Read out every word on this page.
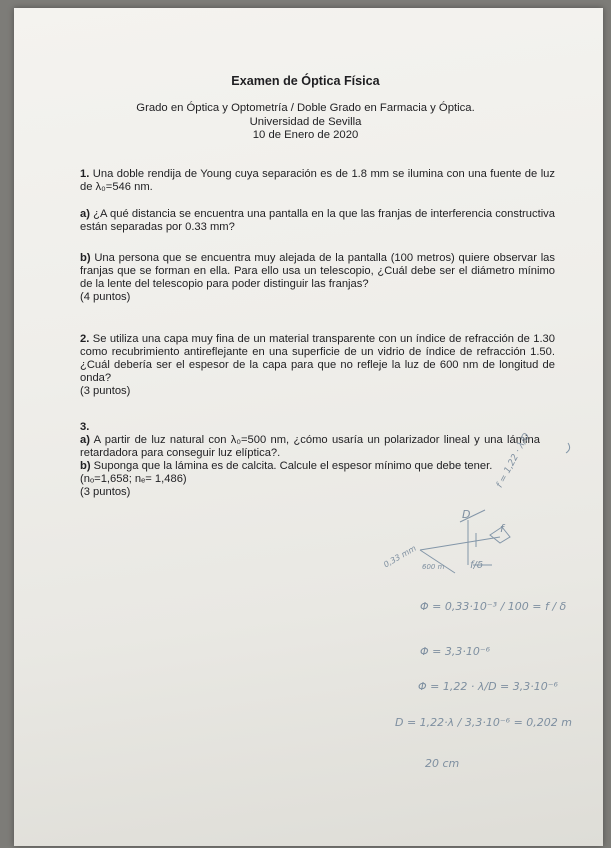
Examen de Óptica Física
Grado en Óptica y Optometría / Doble Grado en Farmacia y Óptica.
Universidad de Sevilla
10 de Enero de 2020
1. Una doble rendija de Young cuya separación es de 1.8 mm se ilumina con una fuente de luz de λ₀=546 nm.
a) ¿A qué distancia se encuentra una pantalla en la que las franjas de interferencia constructiva están separadas por 0.33 mm?
b) Una persona que se encuentra muy alejada de la pantalla (100 metros) quiere observar las franjas que se forman en ella. Para ello usa un telescopio, ¿Cuál debe ser el diámetro mínimo de la lente del telescopio para poder distinguir las franjas?
(4 puntos)
2. Se utiliza una capa muy fina de un material transparente con un índice de refracción de 1.30 como recubrimiento antireflejante en una superficie de un vidrio de índice de refracción 1.50. ¿Cuál debería ser el espesor de la capa para que no refleje la luz de 600 nm de longitud de onda?
(3 puntos)
3.
a) A partir de luz natural con λ₀=500 nm, ¿cómo usaría un polarizador lineal y una lámina retardadora para conseguir luz elíptica?.
b) Suponga que la lámina es de calcita. Calcule el espesor mínimo que debe tener.
(nₒ=1,658; nₑ= 1,486)
(3 puntos)
D
0,33 mm 600 m
f
f/δ
f = 1,22 · λ/D
Φ = 0,33·10⁻³ / 100 = f / δ
Φ = 3,3·10⁻⁶
Φ = 1,22 · λ/D = 3,3·10⁻⁶
D = 1,22·λ / 3,3·10⁻⁶ = 0,202 m
20 cm
